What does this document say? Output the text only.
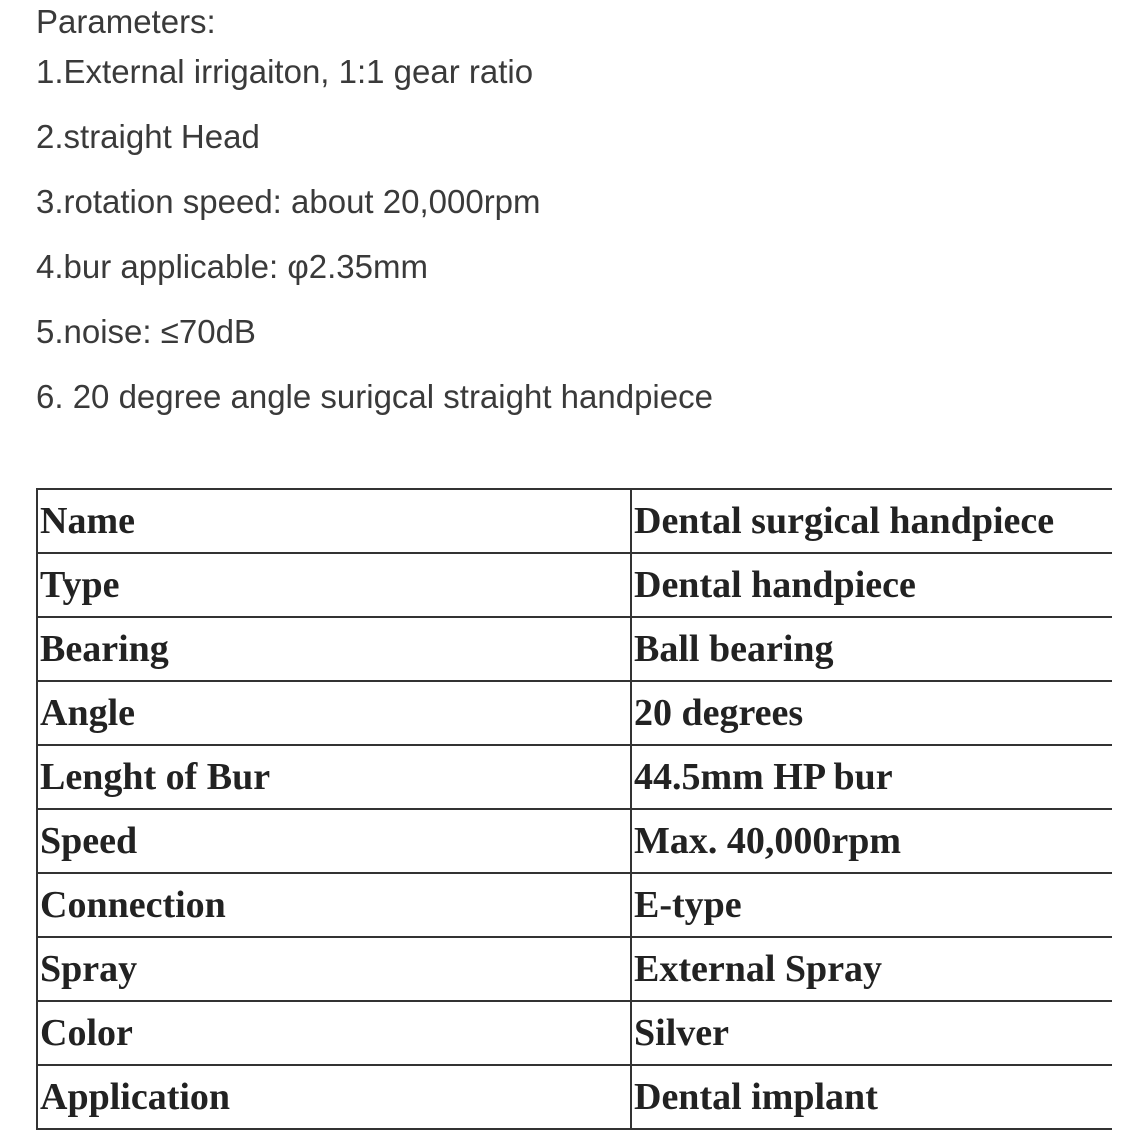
Parameters:
1.External irrigaiton, 1:1 gear ratio
2.straight Head
3.rotation speed: about 20,000rpm
4.bur applicable: φ2.35mm
5.noise: ≤70dB
6. 20 degree angle surigcal straight handpiece
Name	Dental surgical handpiece
Type	Dental handpiece
Bearing	Ball bearing
Angle	20 degrees
Lenght of Bur	44.5mm HP bur
Speed	Max. 40,000rpm
Connection	E-type
Spray	External Spray
Color	Silver
Application	Dental implant
